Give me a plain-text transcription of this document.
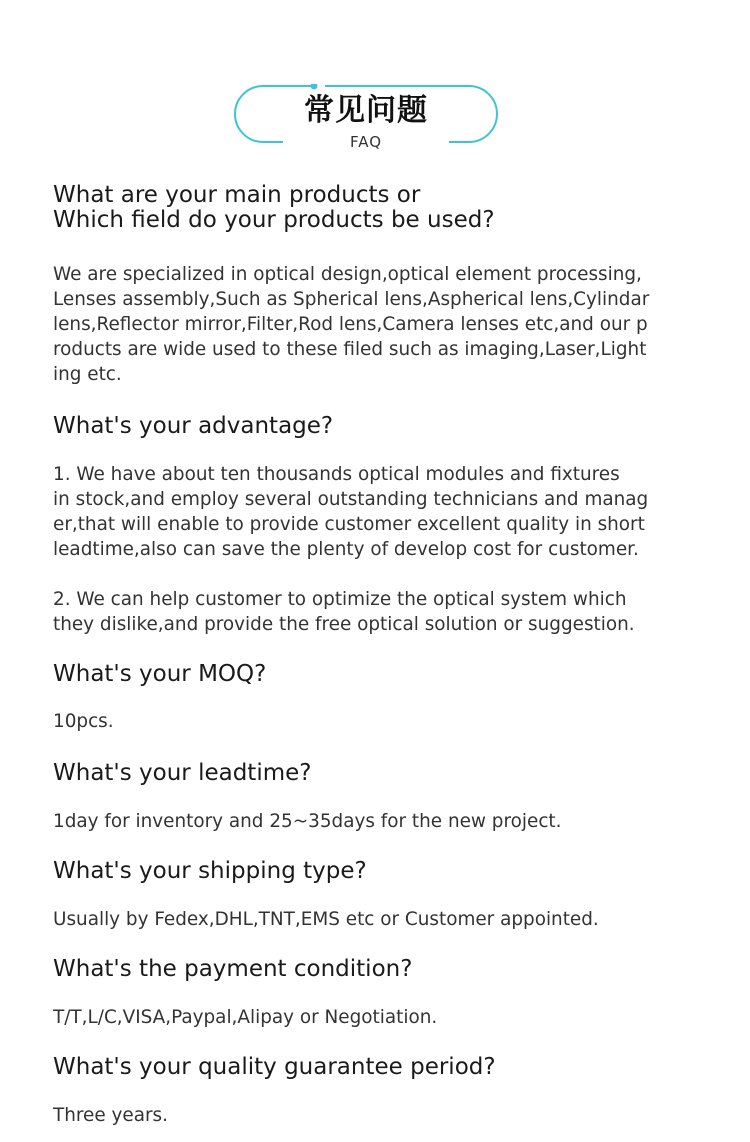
常见问题
FAQ
What are your main products or
Which field do your products be used?

We are specialized in optical design,optical element processing,
Lenses assembly,Such as Spherical lens,Aspherical lens,Cylindar
lens,Reflector mirror,Filter,Rod lens,Camera lenses etc,and our p
roducts are wide used to these filed such as imaging,Laser,Light
ing etc.

What's your advantage?

1. We have about ten thousands optical modules and fixtures
in stock,and employ several outstanding technicians and manag
er,that will enable to provide customer excellent quality in short
leadtime,also can save the plenty of develop cost for customer.

2. We can help customer to optimize the optical system which
they dislike,and provide the free optical solution or suggestion.

What's your MOQ?

10pcs.

What's your leadtime?

1day for inventory and 25~35days for the new project.

What's your shipping type?

Usually by Fedex,DHL,TNT,EMS etc or Customer appointed.

What's the payment condition?

T/T,L/C,VISA,Paypal,Alipay or Negotiation.

What's your quality guarantee period?

Three years.
